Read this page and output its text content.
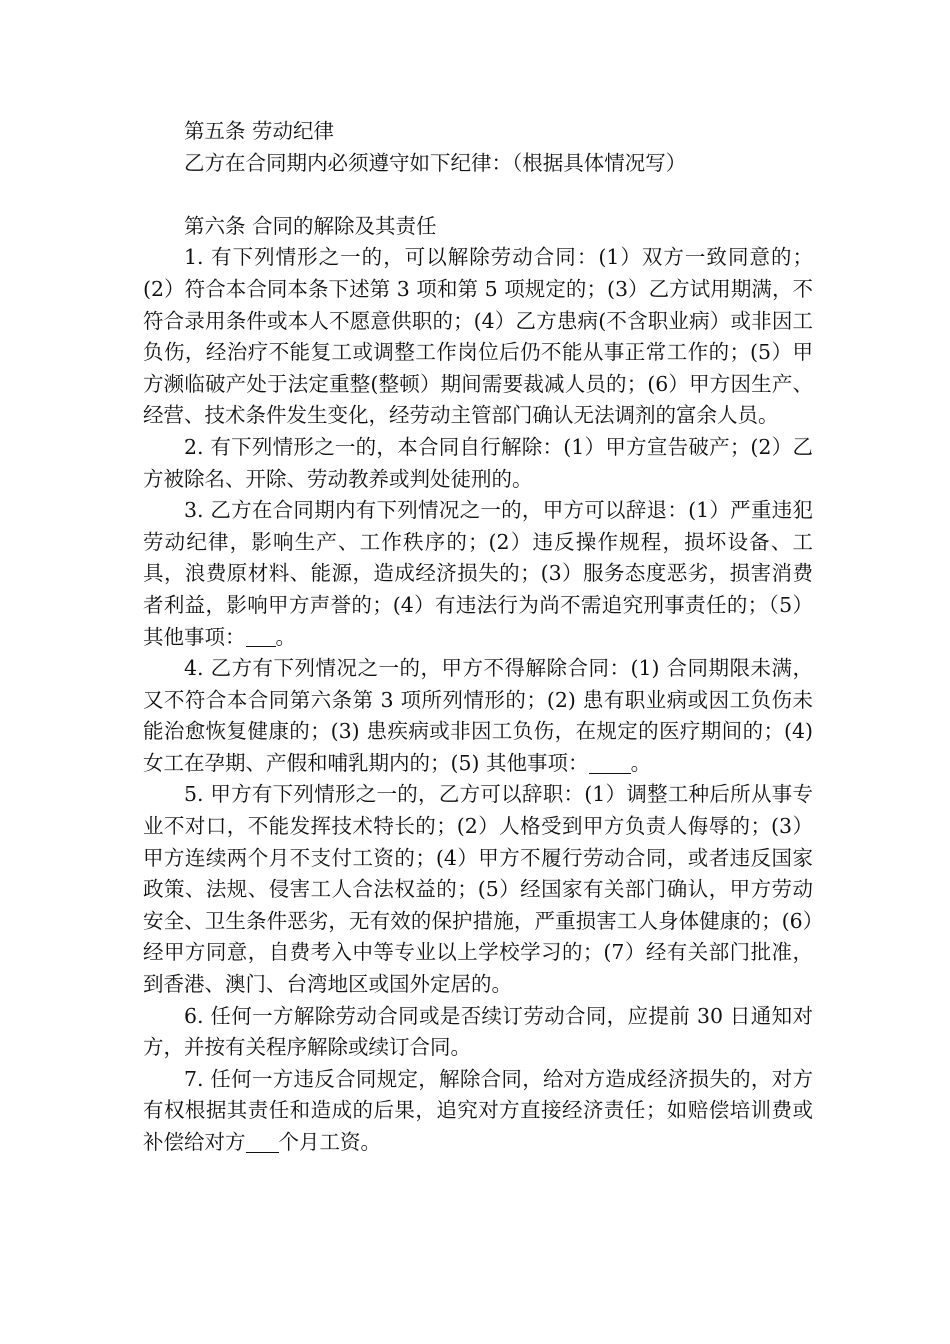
第五条 劳动纪律

乙方在合同期内必须遵守如下纪律：（根据具体情况写）

第六条 合同的解除及其责任

1. 有下列情形之一的，可以解除劳动合同：(1）双方一致同意的；(2）符合本合同本条下述第 3 项和第 5 项规定的；(3）乙方试用期满，不符合录用条件或本人不愿意供职的；(4）乙方患病(不含职业病）或非因工负伤，经治疗不能复工或调整工作岗位后仍不能从事正常工作的；(5）甲方濒临破产处于法定重整(整顿）期间需要裁减人员的；(6）甲方因生产、经营、技术条件发生变化，经劳动主管部门确认无法调剂的富余人员。

2. 有下列情形之一的，本合同自行解除：(1）甲方宣告破产；(2）乙方被除名、开除、劳动教养或判处徒刑的。

3. 乙方在合同期内有下列情况之一的，甲方可以辞退：(1）严重违犯劳动纪律，影响生产、工作秩序的；(2）违反操作规程，损坏设备、工具，浪费原材料、能源，造成经济损失的；(3）服务态度恶劣，损害消费者利益，影响甲方声誉的；(4）有违法行为尚不需追究刑事责任的；（5）其他事项： 。

4. 乙方有下列情况之一的，甲方不得解除合同：(1) 合同期限未满，又不符合本合同第六条第 3 项所列情形的；(2) 患有职业病或因工负伤未能治愈恢复健康的；(3) 患疾病或非因工负伤，在规定的医疗期间的；(4) 女工在孕期、产假和哺乳期内的；(5) 其他事项： 。

5. 甲方有下列情形之一的，乙方可以辞职：(1）调整工种后所从事专业不对口，不能发挥技术特长的；(2）人格受到甲方负责人侮辱的；(3）甲方连续两个月不支付工资的；(4）甲方不履行劳动合同，或者违反国家政策、法规、侵害工人合法权益的；(5）经国家有关部门确认，甲方劳动安全、卫生条件恶劣，无有效的保护措施，严重损害工人身体健康的；(6）经甲方同意，自费考入中等专业以上学校学习的；(7）经有关部门批准，到香港、澳门、台湾地区或国外定居的。

6. 任何一方解除劳动合同或是否续订劳动合同，应提前 30 日通知对方，并按有关程序解除或续订合同。

7. 任何一方违反合同规定，解除合同，给对方造成经济损失的，对方有权根据其责任和造成的后果，追究对方直接经济责任；如赔偿培训费或补偿给对方 个月工资。
